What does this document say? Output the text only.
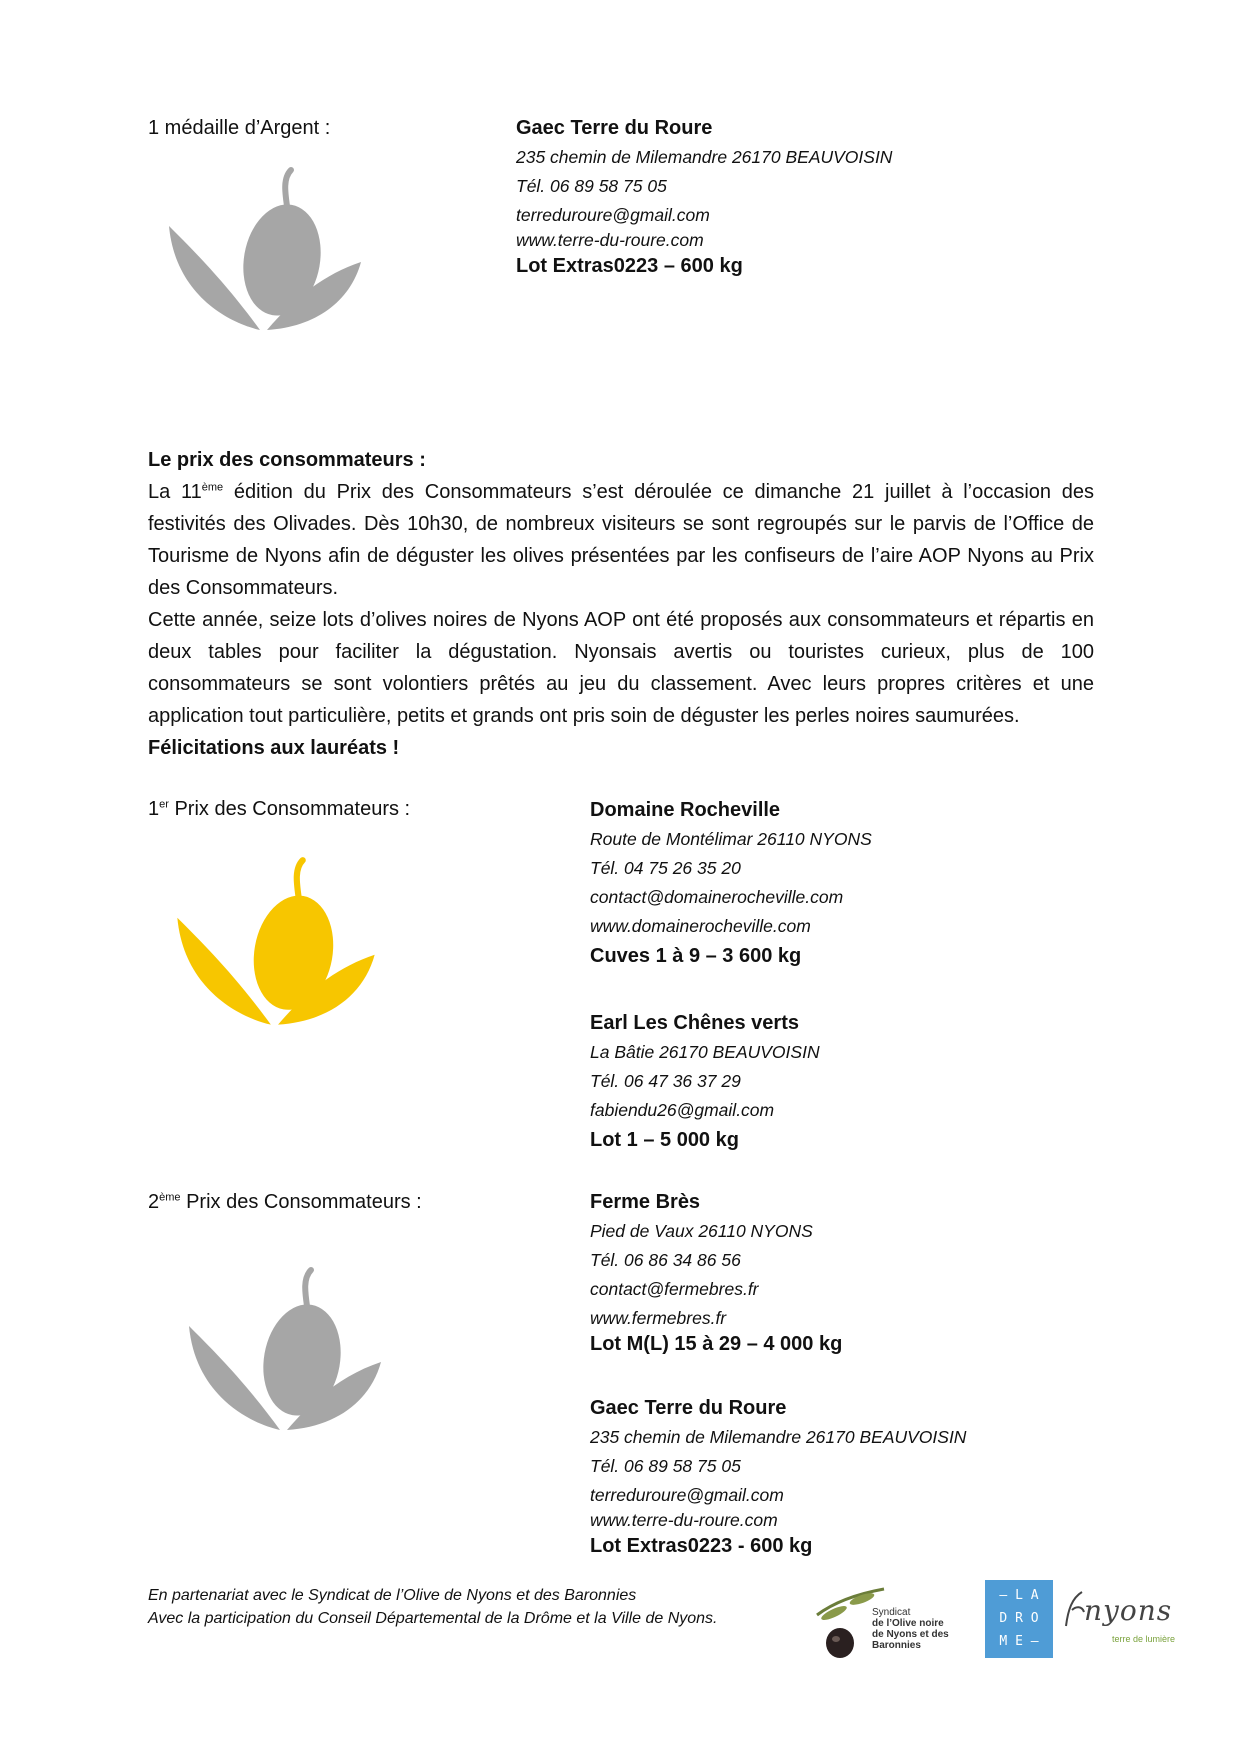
1 médaille d’Argent :	Gaec Terre du Roure
235 chemin de Milemandre 26170 BEAUVOISIN
Tél. 06 89 58 75 05
terreduroure@gmail.com
www.terre-du-roure.com
Lot Extras0223 – 600 kg

Le prix des consommateurs :

La 11ème édition du Prix des Consommateurs s’est déroulée ce dimanche 21 juillet à l’occasion des festivités des Olivades. Dès 10h30, de nombreux visiteurs se sont regroupés sur le parvis de l’Office de Tourisme de Nyons afin de déguster les olives présentées par les confiseurs de l’aire AOP Nyons au Prix des Consommateurs.

Cette année, seize lots d’olives noires de Nyons AOP ont été proposés aux consommateurs et répartis en deux tables pour faciliter la dégustation. Nyonsais avertis ou touristes curieux, plus de 100 consommateurs se sont volontiers prêtés au jeu du classement. Avec leurs propres critères et une application tout particulière, petits et grands ont pris soin de déguster les perles noires saumurées.

Félicitations aux lauréats !

1er Prix des Consommateurs :	Domaine Rocheville
Route de Montélimar 26110 NYONS
Tél. 04 75 26 35 20
contact@domainerocheville.com
www.domainerocheville.com
Cuves 1 à 9 – 3 600 kg
Earl Les Chênes verts
La Bâtie 26170 BEAUVOISIN
Tél. 06 47 36 37 29
fabiendu26@gmail.com
Lot 1 – 5 000 kg
2ème Prix des Consommateurs :	Ferme Brès
Pied de Vaux 26110 NYONS
Tél. 06 86 34 86 56
contact@fermebres.fr
www.fermebres.fr
Lot M(L) 15 à 29 – 4 000 kg
Gaec Terre du Roure
235 chemin de Milemandre 26170 BEAUVOISIN
Tél. 06 89 58 75 05
terreduroure@gmail.com
www.terre-du-roure.com
Lot Extras0223 - 600 kg
En partenariat avec le Syndicat de l’Olive de Nyons et des Baronnies
Avec la participation du Conseil Départemental de la Drôme et la Ville de Nyons.	Syndicat
de l’Olive noire
de Nyons et des Baronnies
– L A
D R O
M E –
nyons
terre de lumière
